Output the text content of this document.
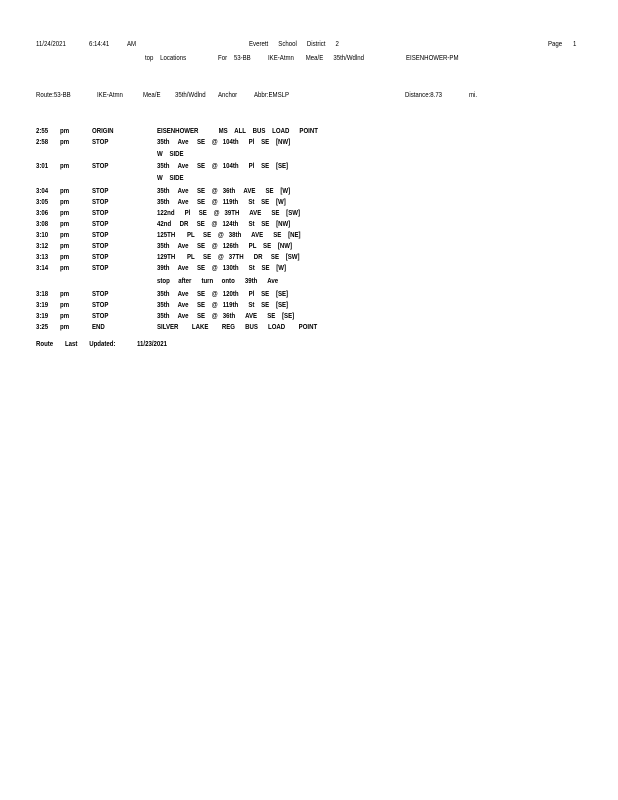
11/24/2021	6:14:41 AM	Everett      School      District      2	Page 1
top    Locations	For    53-BB IKE-Atmn       Mea/E      35th/Wdlnd	EISENHOWER-PM
Route:53-BB	IKE-Atmn	Mea/E 35th/Wdlnd Anchor Abbr:EMSLP	Distance:8.73	mi.
2:55 pm	ORIGIN	EISENHOWER            MS    ALL    BUS    LOAD      POINT
2:58 pm	STOP	35th     Ave     SE    @   104th      Pl    SE    [NW]
W    SIDE
3:01 pm	STOP	35th     Ave     SE    @   104th      Pl    SE    [SE]
W    SIDE
3:04 pm	STOP	35th     Ave     SE    @   36th     AVE      SE    [W]
3:05 pm	STOP	35th     Ave     SE    @   119th      St    SE    [W]
3:06 pm	STOP	122nd      Pl     SE    @   39TH      AVE      SE    [SW]
3:08 pm	STOP	42nd     DR     SE    @   124th      St    SE    [NW]
3:10 pm	STOP	125TH       PL     SE    @   38th      AVE      SE    [NE]
3:12 pm	STOP	35th     Ave     SE    @   126th      PL    SE    [NW]
3:13 pm	STOP	129TH       PL     SE    @   37TH      DR     SE    [SW]
3:14 pm	STOP	39th     Ave     SE    @   130th      St    SE    [W]
stop     after      turn     onto      39th      Ave
3:18 pm	STOP	35th     Ave     SE    @   120th      Pl    SE    [SE]
3:19 pm	STOP	35th     Ave     SE    @   119th      St    SE    [SE]
3:19 pm	STOP	35th     Ave     SE    @   36th      AVE      SE    [SE]
3:25 pm	END	SILVER        LAKE        REG      BUS      LOAD        POINT
Route       Last       Updated:	11/23/2021
